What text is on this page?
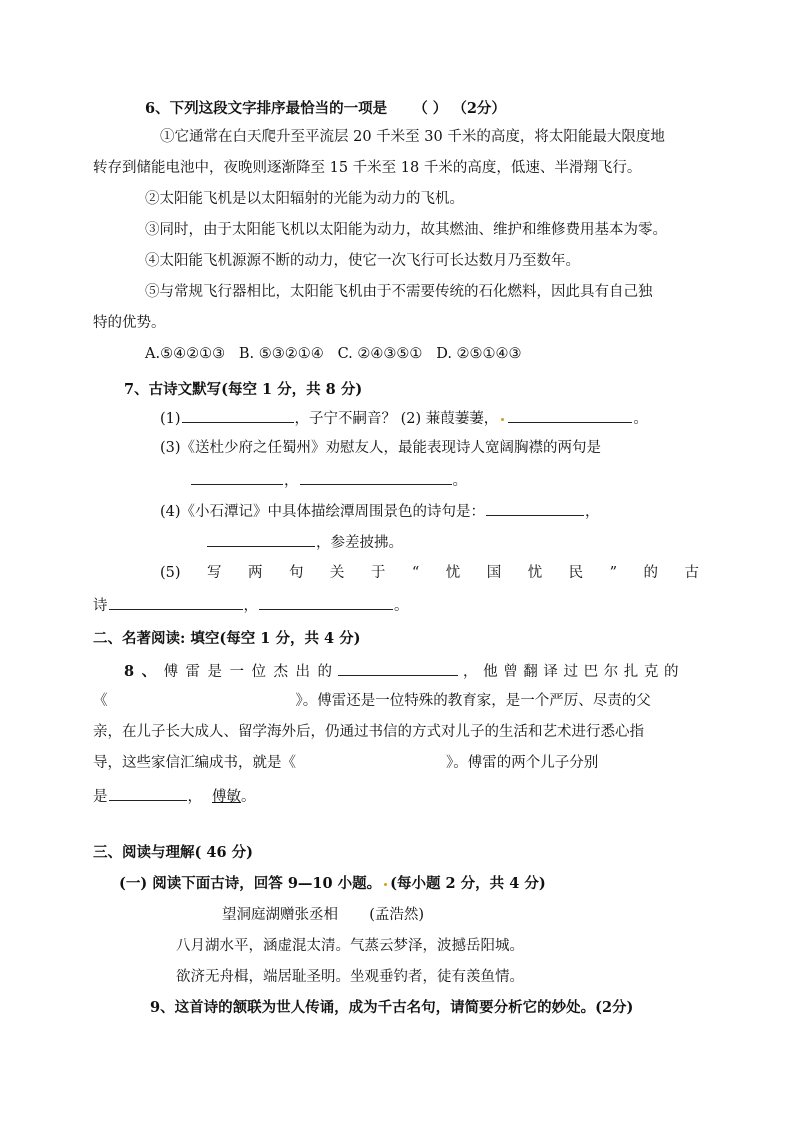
6、下列这段文字排序最恰当的一项是 （ ） （2分）
①它通常在白天爬升至平流层 20 千米至 30 千米的高度，将太阳能最大限度地
转存到储能电池中，夜晚则逐渐降至 15 千米至 18 千米的高度，低速、半滑翔飞行。
②太阳能飞机是以太阳辐射的光能为动力的飞机。
③同时，由于太阳能飞机以太阳能为动力，故其燃油、维护和维修费用基本为零。
④太阳能飞机源源不断的动力，使它一次飞行可长达数月乃至数年。
⑤与常规飞行器相比，太阳能飞机由于不需要传统的石化燃料，因此具有自己独
特的优势。
A.⑤④②①③   B. ⑤③②①④   C. ②④③⑤①   D. ②⑤①④③
7、古诗文默写(每空 1 分，共 8 分)
(1)	，子宁不嗣音？ (2) 蒹葭萋萋，	。
(3)《送杜少府之任蜀州》劝慰友人，最能表现诗人宽阔胸襟的两句是
，	。
(4)《小石潭记》中具体描绘潭周围景色的诗句是：	，
，参差披拂。
(5) 写 两 句 关 于 “ 忧 国 忧 民 ” 的 古
诗	，	。
二、名著阅读: 填空(每空 1 分，共 4 分)
8 、 傅 雷 是 一 位 杰 出 的	，他曾翻译过巴尔扎克的
《	》。傅雷还是一位特殊的教育家，是一个严厉、尽责的父
亲，在儿子长大成人、留学海外后，仍通过书信的方式对儿子的生活和艺术进行悉心指
导，这些家信汇编成书，就是《	》。傅雷的两个儿子分别
是	， 傅敏。
三、阅读与理解( 46 分)
(一) 阅读下面古诗，回答 9—10 小题。 (每小题 2 分，共 4 分)
望洞庭湖赠张丞相 (孟浩然)
八月湖水平，涵虚混太清。气蒸云梦泽，波撼岳阳城。
欲济无舟楫，端居耻圣明。坐观垂钓者，徒有羡鱼情。
9、这首诗的颔联为世人传诵，成为千古名句，请简要分析它的妙处。(2分)
